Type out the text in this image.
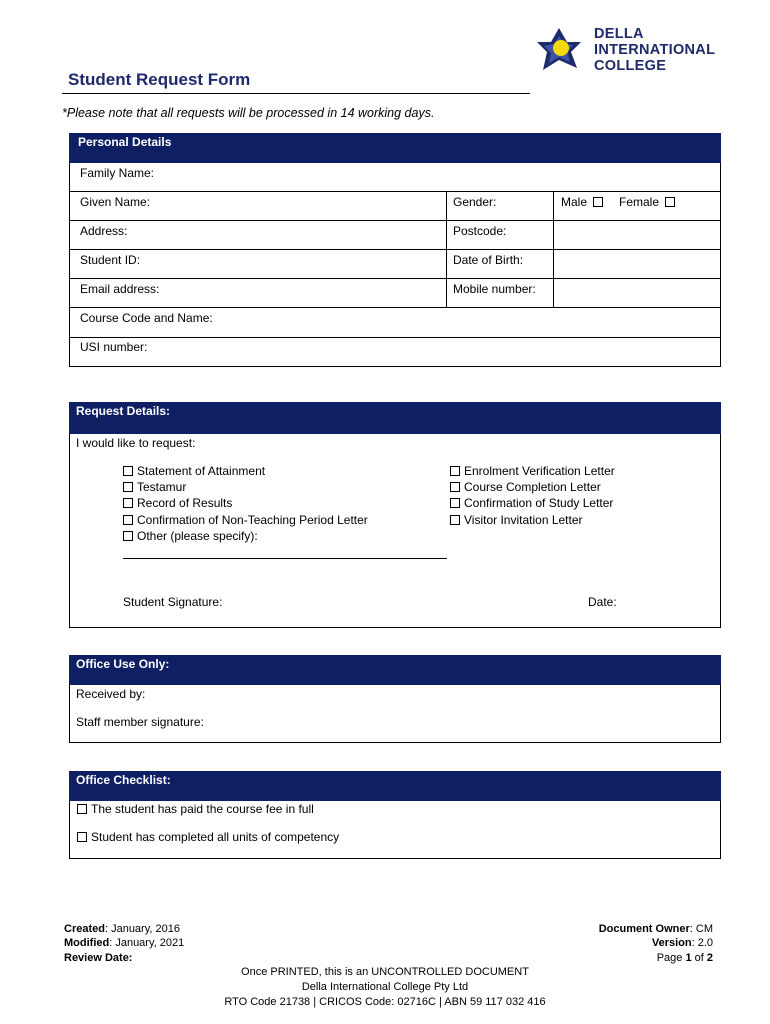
DELLA
INTERNATIONAL
COLLEGE
Student Request Form
*Please note that all requests will be processed in 14 working days.
Personal Details
Family Name:
Given Name:	Gender:	Male	Female
Address:	Postcode:
Student ID:	Date of Birth:
Email address:	Mobile number:
Course Code and Name:
USI number:
Request Details:
I would like to request:
Statement of Attainment
Testamur
Record of Results
Confirmation of Non-Teaching Period Letter
Other (please specify):
Enrolment Verification Letter
Course Completion Letter
Confirmation of Study Letter
Visitor Invitation Letter
Student Signature:	Date:
Office Use Only:
Received by:
Staff member signature:
Office Checklist:
The student has paid the course fee in full
Student has completed all units of competency
Created: January, 2016
Modified: January, 2021
Review Date:
Document Owner: CM
Version: 2.0
Page 1 of 2
Once PRINTED, this is an UNCONTROLLED DOCUMENT
Della International College Pty Ltd
RTO Code 21738 | CRICOS Code: 02716C | ABN 59 117 032 416
